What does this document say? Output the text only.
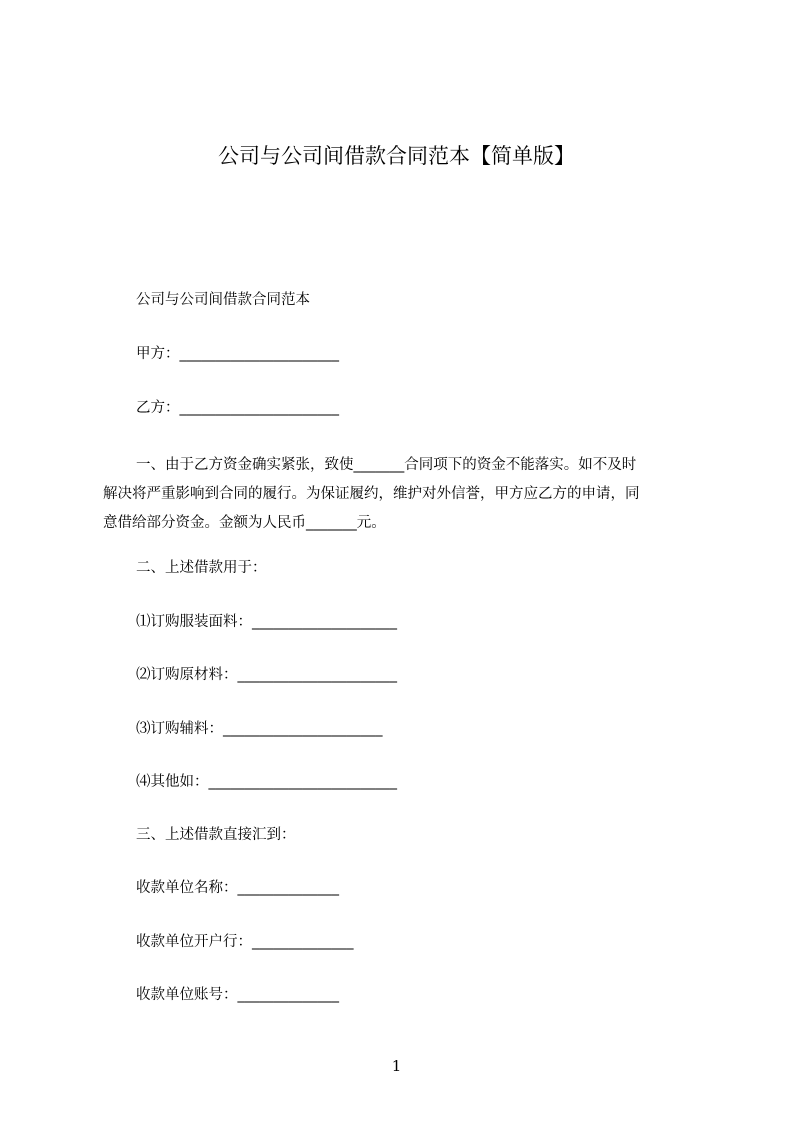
公司与公司间借款合同范本【简单版】

公司与公司间借款合同范本

甲方：______________________

乙方：______________________

一、由于乙方资金确实紧张，致使_______合同项下的资金不能落实。如不及时
解决将严重影响到合同的履行。为保证履约，维护对外信誉，甲方应乙方的申请，同
意借给部分资金。金额为人民币_______元。

二、上述借款用于：

⑴订购服装面料：____________________

⑵订购原材料：______________________

⑶订购辅料：______________________

⑷其他如：__________________________

三、上述借款直接汇到：

收款单位名称：______________

收款单位开户行：______________

收款单位账号：______________

1
